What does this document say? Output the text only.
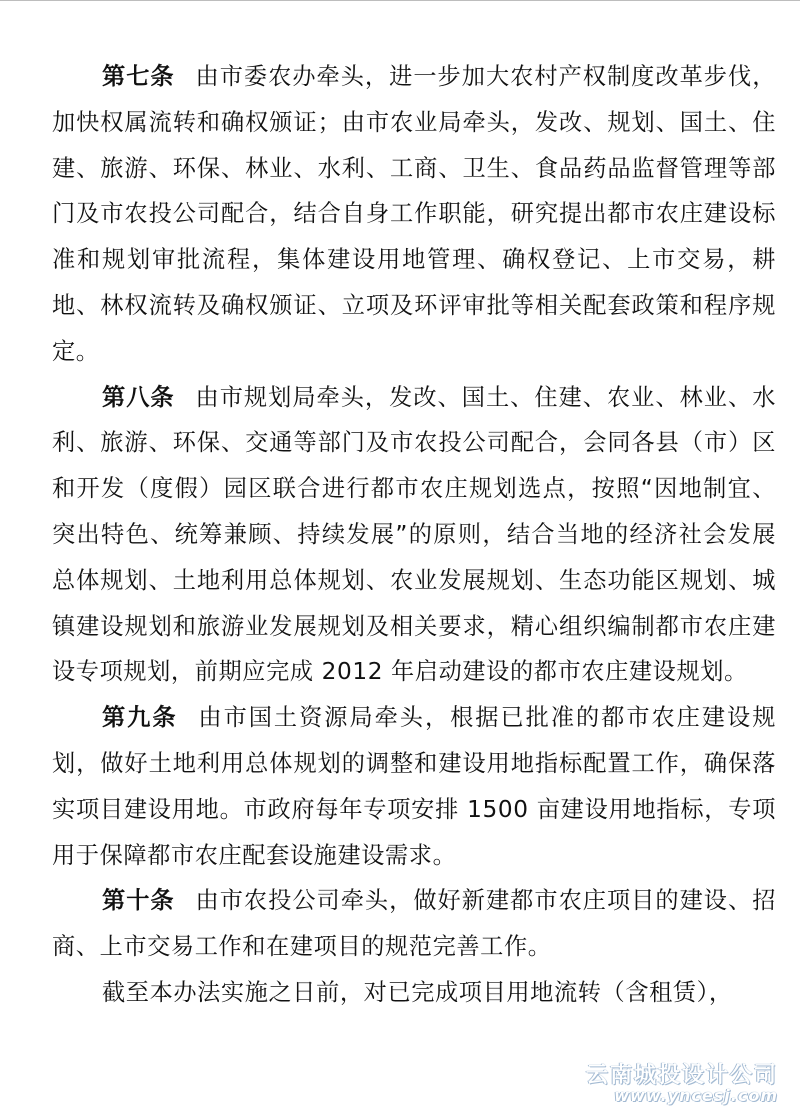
第七条 由市委农办牵头，进一步加大农村产权制度改革步伐，加快权属流转和确权颁证；由市农业局牵头，发改、规划、国土、住建、旅游、环保、林业、水利、工商、卫生、食品药品监督管理等部门及市农投公司配合，结合自身工作职能，研究提出都市农庄建设标准和规划审批流程，集体建设用地管理、确权登记、上市交易，耕地、林权流转及确权颁证、立项及环评审批等相关配套政策和程序规定。

第八条 由市规划局牵头，发改、国土、住建、农业、林业、水利、旅游、环保、交通等部门及市农投公司配合，会同各县（市）区和开发（度假）园区联合进行都市农庄规划选点，按照“因地制宜、突出特色、统筹兼顾、持续发展”的原则，结合当地的经济社会发展总体规划、土地利用总体规划、农业发展规划、生态功能区规划、城镇建设规划和旅游业发展规划及相关要求，精心组织编制都市农庄建设专项规划，前期应完成 2012 年启动建设的都市农庄建设规划。

第九条 由市国土资源局牵头，根据已批准的都市农庄建设规划，做好土地利用总体规划的调整和建设用地指标配置工作，确保落实项目建设用地。市政府每年专项安排 1500 亩建设用地指标，专项用于保障都市农庄配套设施建设需求。

第十条 由市农投公司牵头，做好新建都市农庄项目的建设、招商、上市交易工作和在建项目的规范完善工作。

截至本办法实施之日前，对已完成项目用地流转（含租赁），

云南城投设计公司
www.yncesj.com
